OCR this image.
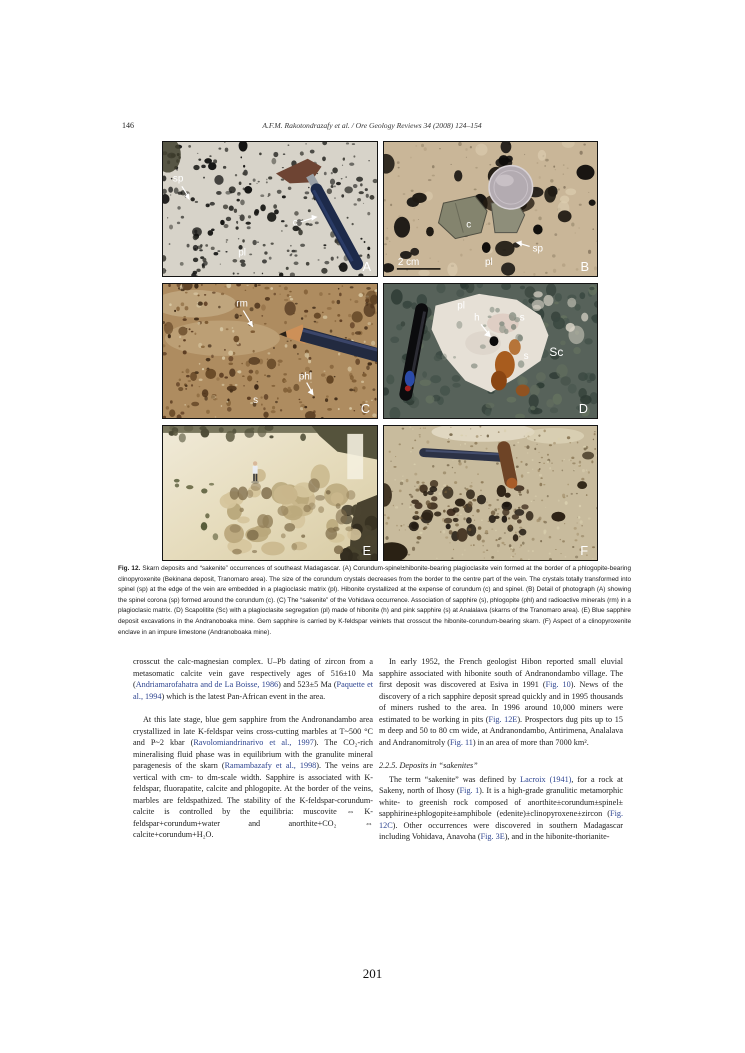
146	A.F.M. Rakotondrazafy et al. / Ore Geology Reviews 34 (2008) 124–154
sp
c
pl
A
c
sp
pl
2 cm	B
rm
phl
s
C
pl
h	s
s Sc
D
E	F
Fig. 12. Skarn deposits and “sakenite” occurrences of southeast Madagascar. (A) Corundum-spinel±hibonite-bearing plagioclasite vein formed at the border of a phlogopite-bearing clinopyroxenite (Bekinana deposit, Tranomaro area). The size of the corundum crystals decreases from the border to the centre part of the vein. The crystals totally transformed into spinel (sp) at the edge of the vein are embedded in a plagioclasic matrix (pl). Hibonite crystallized at the expense of corundum (c) and spinel. (B) Detail of photograph (A) showing the spinel corona (sp) formed around the corundum (c). (C) The “sakenite” of the Vohidava occurrence. Association of sapphire (s), phlogopite (phl) and radioactive minerals (rm) in a plagioclasic matrix. (D) Scapolitite (Sc) with a plagioclasite segregation (pl) made of hibonite (h) and pink sapphire (s) at Analalava (skarns of the Tranomaro area). (E) Blue sapphire deposit excavations in the Andranoboaka mine. Gem sapphire is carried by K-feldspar veinlets that crosscut the hibonite-corundum-bearing skarn. (F) Aspect of a clinopyroxenite enclave in an impure limestone (Andranoboaka mine).

crosscut the calc-magnesian complex. U–Pb dating of zircon from a metasomatic calcite vein gave respectively ages of 516±10 Ma (Andriamarofahatra and de La Boisse, 1986) and 523±5 Ma (Paquette et al., 1994) which is the latest Pan-African event in the area.

At this late stage, blue gem sapphire from the Andronandambo area crystallized in late K-feldspar veins cross-cutting marbles at T~500 °C and P~2 kbar (Ravolomiandrinarivo et al., 1997). The CO₂-rich mineralising fluid phase was in equilibrium with the granulite mineral paragenesis of the skarn (Ramambazafy et al., 1998). The veins are vertical with cm- to dm-scale width. Sapphire is associated with K-feldspar, fluorapatite, calcite and phlogopite. At the border of the veins, marbles are feldspathized. The stability of the K-feldspar-corundum-calcite is controlled by the equilibria: muscovite ⇔ K-feldspar+corundum+water and anorthite+CO₂ ⇔ calcite+corundum+H₂O.

In early 1952, the French geologist Hibon reported small eluvial sapphire associated with hibonite south of Andranondambo village. The first deposit was discovered at Esiva in 1991 (Fig. 10). News of the discovery of a rich sapphire deposit spread quickly and in 1995 thousands of miners rushed to the area. In 1996 around 10,000 miners were estimated to be working in pits (Fig. 12E). Prospectors dug pits up to 15 m deep and 50 to 80 cm wide, at Andranondambo, Antirimena, Analalava and Andranomitroly (Fig. 11) in an area of more than 7000 km².

2.2.5. Deposits in “sakenites”

The term “sakenite” was defined by Lacroix (1941), for a rock at Sakeny, north of Ihosy (Fig. 1). It is a high-grade granulitic metamorphic white- to greenish rock composed of anorthite±corundum±spinel± sapphirine±phlogopite±amphibole (edenite)±clinopyroxene±zircon (Fig. 12C). Other occurrences were discovered in southern Madagascar including Vohidava, Anavoha (Fig. 3E), and in the hibonite-thorianite-

201
